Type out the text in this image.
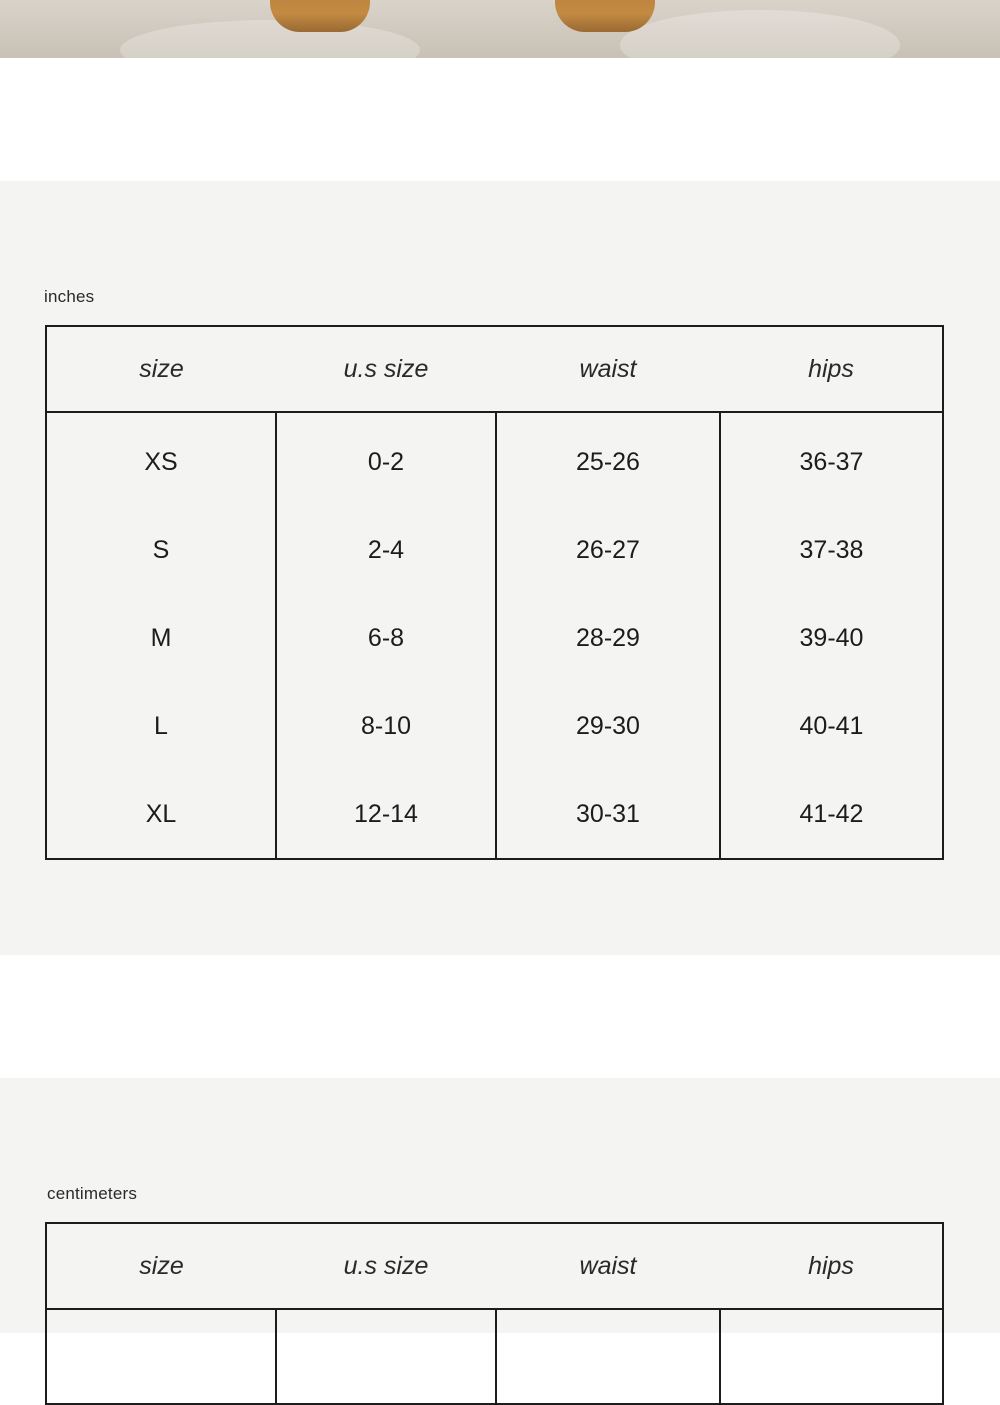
inches
size	u.s size	waist	hips
XS	0-2	25-26	36-37
S	2-4	26-27	37-38
M	6-8	28-29	39-40
L	8-10	29-30	40-41
XL	12-14	30-31	41-42
centimeters
size	u.s size	waist	hips
